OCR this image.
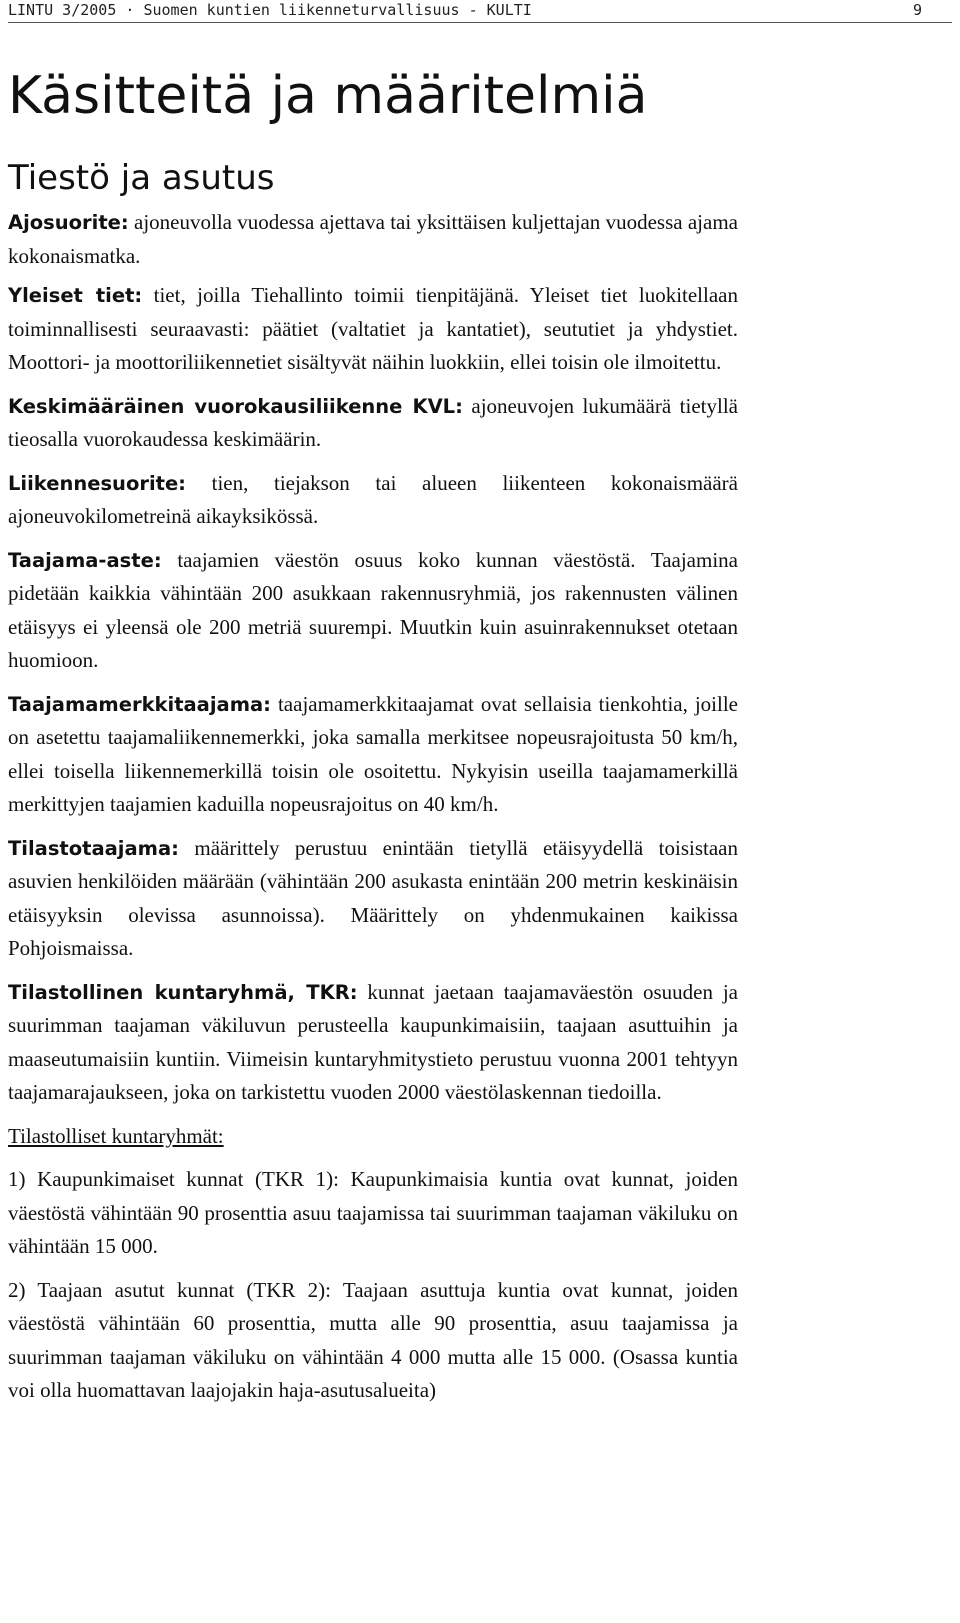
LINTU 3/2005 · Suomen kuntien liikenneturvallisuus - KULTI	9
Käsitteitä ja määritelmiä
Tiestö ja asutus

Ajosuorite: ajoneuvolla vuodessa ajettava tai yksittäisen kuljettajan vuodessa ajama kokonaismatka.

Yleiset tiet: tiet, joilla Tiehallinto toimii tienpitäjänä. Yleiset tiet luokitellaan toiminnallisesti seuraavasti: päätiet (valtatiet ja kantatiet), seututiet ja yhdystiet. Moottori- ja moottoriliikennetiet sisältyvät näihin luokkiin, ellei toisin ole ilmoitettu.

Keskimääräinen vuorokausiliikenne KVL: ajoneuvojen lukumäärä tietyllä tieosalla vuorokaudessa keskimäärin.

Liikennesuorite: tien, tiejakson tai alueen liikenteen kokonaismäärä ajoneuvokilometreinä aikayksikössä.

Taajama-aste: taajamien väestön osuus koko kunnan väestöstä. Taajamina pidetään kaikkia vähintään 200 asukkaan rakennusryhmiä, jos rakennusten välinen etäisyys ei yleensä ole 200 metriä suurempi. Muutkin kuin asuinrakennukset otetaan huomioon.

Taajamamerkkitaajama: taajamamerkkitaajamat ovat sellaisia tienkohtia, joille on asetettu taajamaliikennemerkki, joka samalla merkitsee nopeusrajoitusta 50 km/h, ellei toisella liikennemerkillä toisin ole osoitettu. Nykyisin useilla taajamamerkillä merkittyjen taajamien kaduilla nopeusrajoitus on 40 km/h.

Tilastotaajama: määrittely perustuu enintään tietyllä etäisyydellä toisistaan asuvien henkilöiden määrään (vähintään 200 asukasta enintään 200 metrin keskinäisin etäisyyksin olevissa asunnoissa). Määrittely on yhdenmukainen kaikissa Pohjoismaissa.

Tilastollinen kuntaryhmä, TKR: kunnat jaetaan taajamaväestön osuuden ja suurimman taajaman väkiluvun perusteella kaupunkimaisiin, taajaan asuttuihin ja maaseutumaisiin kuntiin. Viimeisin kuntaryhmitystieto perustuu vuonna 2001 tehtyyn taajamarajaukseen, joka on tarkistettu vuoden 2000 väestölaskennan tiedoilla.

Tilastolliset kuntaryhmät:

1) Kaupunkimaiset kunnat (TKR 1): Kaupunkimaisia kuntia ovat kunnat, joiden väestöstä vähintään 90 prosenttia asuu taajamissa tai suurimman taajaman väkiluku on vähintään 15 000.

2) Taajaan asutut kunnat (TKR 2): Taajaan asuttuja kuntia ovat kunnat, joiden väestöstä vähintään 60 prosenttia, mutta alle 90 prosenttia, asuu taajamissa ja suurimman taajaman väkiluku on vähintään 4 000 mutta alle 15 000. (Osassa kuntia voi olla huomattavan laajojakin haja-asutusalueita)
